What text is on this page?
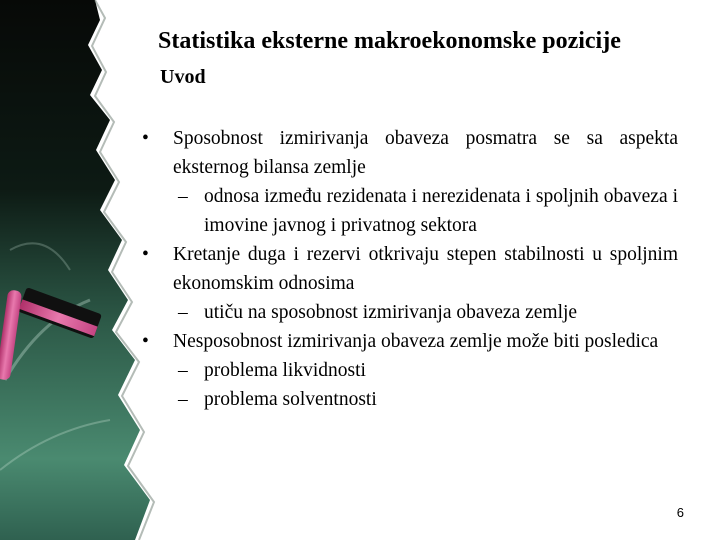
Statistika eksterne makroekonomske pozicije
Uvod
•	Sposobnost izmirivanja obaveza posmatra se sa aspekta eksternog bilansa zemlje
– odnosa između rezidenata i nerezidenata i spoljnih obaveza i imovine javnog i privatnog sektora
•	Kretanje duga i rezervi otkrivaju stepen stabilnosti u spoljnim ekonomskim odnosima
– utiču na sposobnost izmirivanja obaveza zemlje
•	Nesposobnost izmirivanja obaveza zemlje može biti posledica
– problema likvidnosti
– problema solventnosti
6
